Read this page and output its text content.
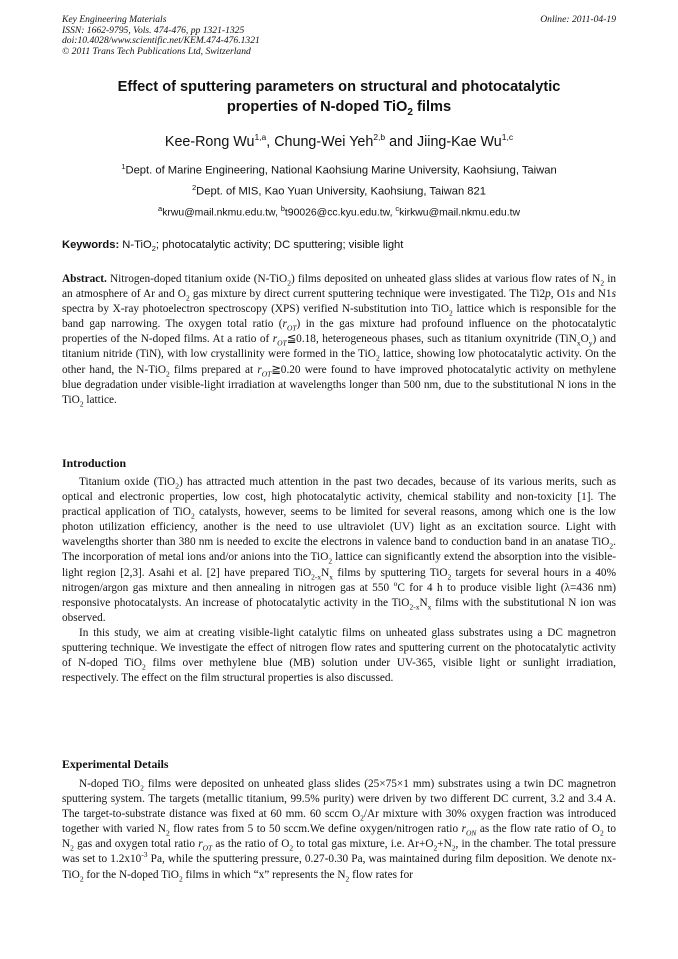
Key Engineering Materials
ISSN: 1662-9795, Vols. 474-476, pp 1321-1325
doi:10.4028/www.scientific.net/KEM.474-476.1321
© 2011 Trans Tech Publications Ltd, Switzerland
Online: 2011-04-19
Effect of sputtering parameters on structural and photocatalytic
properties of N-doped TiO$_2$ films
Kee-Rong Wu$^{1,a}$, Chung-Wei Yeh$^{2,b}$ and Jiing-Kae Wu$^{1,c}$
$^1$Dept. of Marine Engineering, National Kaohsiung Marine University, Kaohsiung, Taiwan
$^2$Dept. of MIS, Kao Yuan University, Kaohsiung, Taiwan 821
$^a$krwu@mail.nkmu.edu.tw, $^b$t90026@cc.kyu.edu.tw, $^c$kirkwu@mail.nkmu.edu.tw
Keywords: N-TiO$_2$; photocatalytic activity; DC sputtering; visible light

Abstract. Nitrogen-doped titanium oxide (N-TiO$_2$) films deposited on unheated glass slides at various flow rates of $N_2$ in an atmosphere of Ar and $O_2$ gas mixture by direct current sputtering technique were investigated. The Ti2p, O1s and N1s spectra by X-ray photoelectron spectroscopy (XPS) verified N-substitution into TiO$_2$ lattice which is responsible for the band gap narrowing. The oxygen total ratio $(r_{OT})$ in the gas mixture had profound influence on the photocatalytic properties of the N-doped films. At a ratio of $r_{OT}≦0.18$, heterogeneous phases, such as titanium oxynitride $(TiN_xO_y)$ and titanium nitride (TiN), with low crystallinity were formed in the TiO$_2$ lattice, showing low photocatalytic activity. On the other hand, the N-TiO$_2$ films prepared at $r_{OT}≧0.20$ were found to have improved photocatalytic activity on methylene blue degradation under visible-light irradiation at wavelengths longer than 500 nm, due to the substitutional N ions in the TiO$_2$ lattice.

Introduction

Titanium oxide (TiO$_2$) has attracted much attention in the past two decades, because of its various merits, such as optical and electronic properties, low cost, high photocatalytic activity, chemical stability and non-toxicity [1]. The practical application of TiO$_2$ catalysts, however, seems to be limited for several reasons, among which one is the low photon utilization efficiency, another is the need to use ultraviolet (UV) light as an excitation source. Light with wavelengths shorter than 380 nm is needed to excite the electrons in valence band to conduction band in an anatase TiO$_2$. The incorporation of metal ions and/or anions into the TiO$_2$ lattice can significantly extend the absorption into the visible-light region [2,3]. Asahi et al. [2] have prepared $TiO_{2-x}N_x$ films by sputtering TiO$_2$ targets for several hours in a 40% nitrogen/argon gas mixture and then annealing in nitrogen gas at 550 $^o$C for 4 h to produce visible light (λ=436 nm) responsive photocatalysts. An increase of photocatalytic activity in the $TiO_{2-x}N_x$ films with the substitutional N ion was observed.

In this study, we aim at creating visible-light catalytic films on unheated glass substrates using a DC magnetron sputtering technique. We investigate the effect of nitrogen flow rates and sputtering current on the photocatalytic activity of N-doped TiO$_2$ films over methylene blue (MB) solution under UV-365, visible light or sunlight irradiation, respectively. The effect on the film structural properties is also discussed.

Experimental Details

N-doped TiO$_2$ films were deposited on unheated glass slides (25×75×1 mm) substrates using a twin DC magnetron sputtering system. The targets (metallic titanium, 99.5% purity) were driven by two different DC current, 3.2 and 3.4 A. The target-to-substrate distance was fixed at 60 mm. 60 sccm $O_2/Ar$ mixture with 30% oxygen fraction was introduced together with varied $N_2$ flow rates from 5 to 50 sccm.We define oxygen/nitrogen ratio $r_{ON}$ as the flow rate ratio of $O_2$ to $N_2$ gas and oxygen total ratio $r_{OT}$ as the ratio of $O_2$ to total gas mixture, i.e. $Ar+O_2+N_2$, in the chamber. The total pressure was set to $1.2x10^{-3}$ Pa, while the sputtering pressure, 0.27-0.30 Pa, was maintained during film deposition. We denote nx-TiO$_2$ for the N-doped TiO$_2$ films in which “x” represents the $N_2$ flow rates for
